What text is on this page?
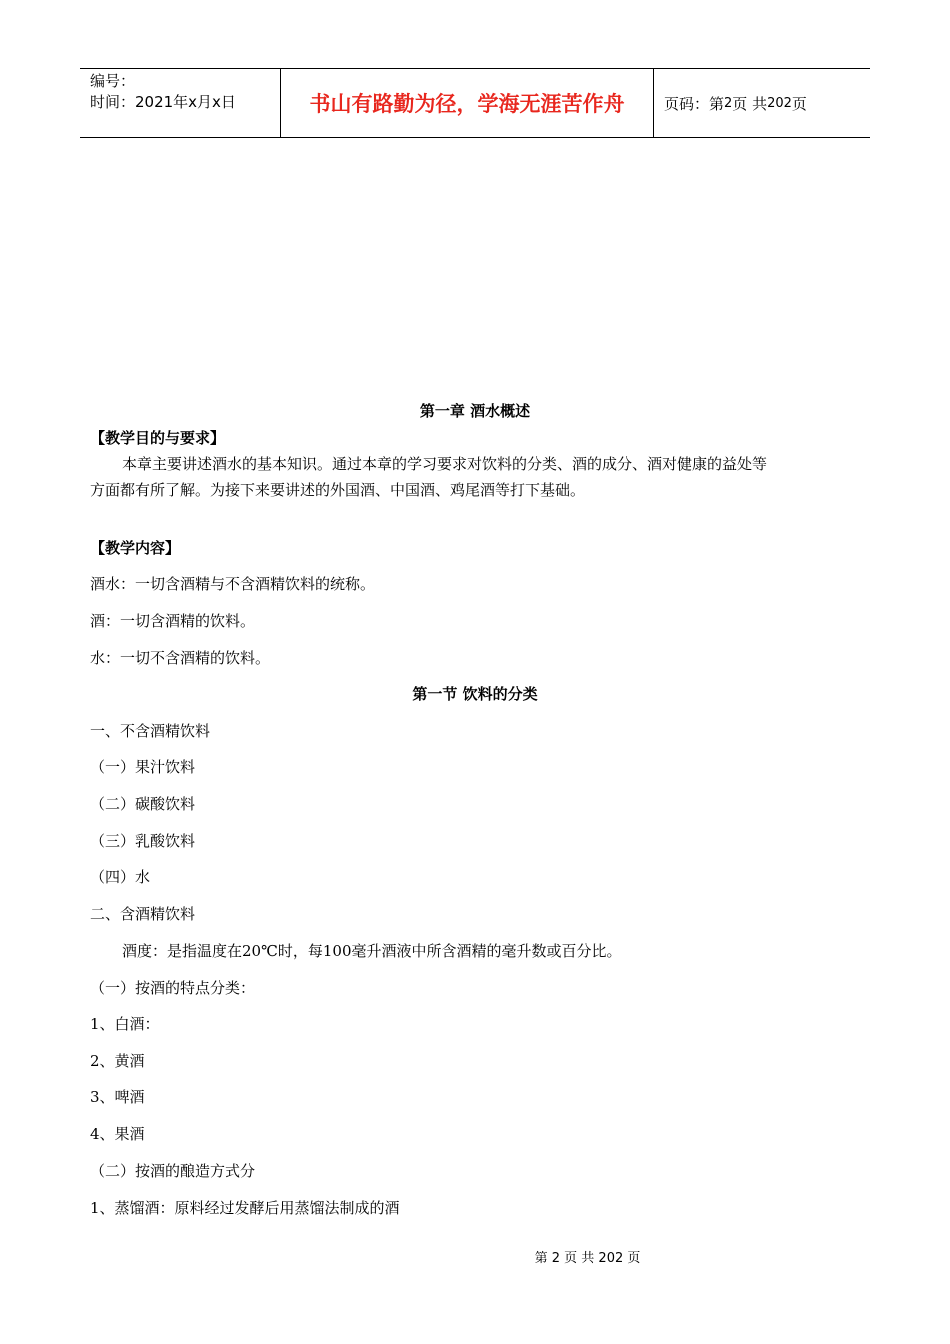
编号：
时间：2021年x月x日	书山有路勤为径，学海无涯苦作舟	页码：第 2 页 共 202 页
第一章 酒水概述
【教学目的与要求】
本章主要讲述酒水的基本知识。通过本章的学习要求对饮料的分类、酒的成分、酒对健康的益处等
方面都有所了解。为接下来要讲述的外国酒、中国酒、鸡尾酒等打下基础。
【教学内容】
酒水：一切含酒精与不含酒精饮料的统称。
酒：一切含酒精的饮料。
水：一切不含酒精的饮料。
第一节 饮料的分类
一、不含酒精饮料
（一）果汁饮料
（二）碳酸饮料
（三）乳酸饮料
（四）水
二、含酒精饮料
酒度：是指温度在20℃时，每100毫升酒液中所含酒精的毫升数或百分比。
（一）按酒的特点分类：
1、白酒：
2、黄酒
3、啤酒
4、果酒
（二）按酒的酿造方式分
1、蒸馏酒：原料经过发酵后用蒸馏法制成的酒
第 2 页 共 202 页
